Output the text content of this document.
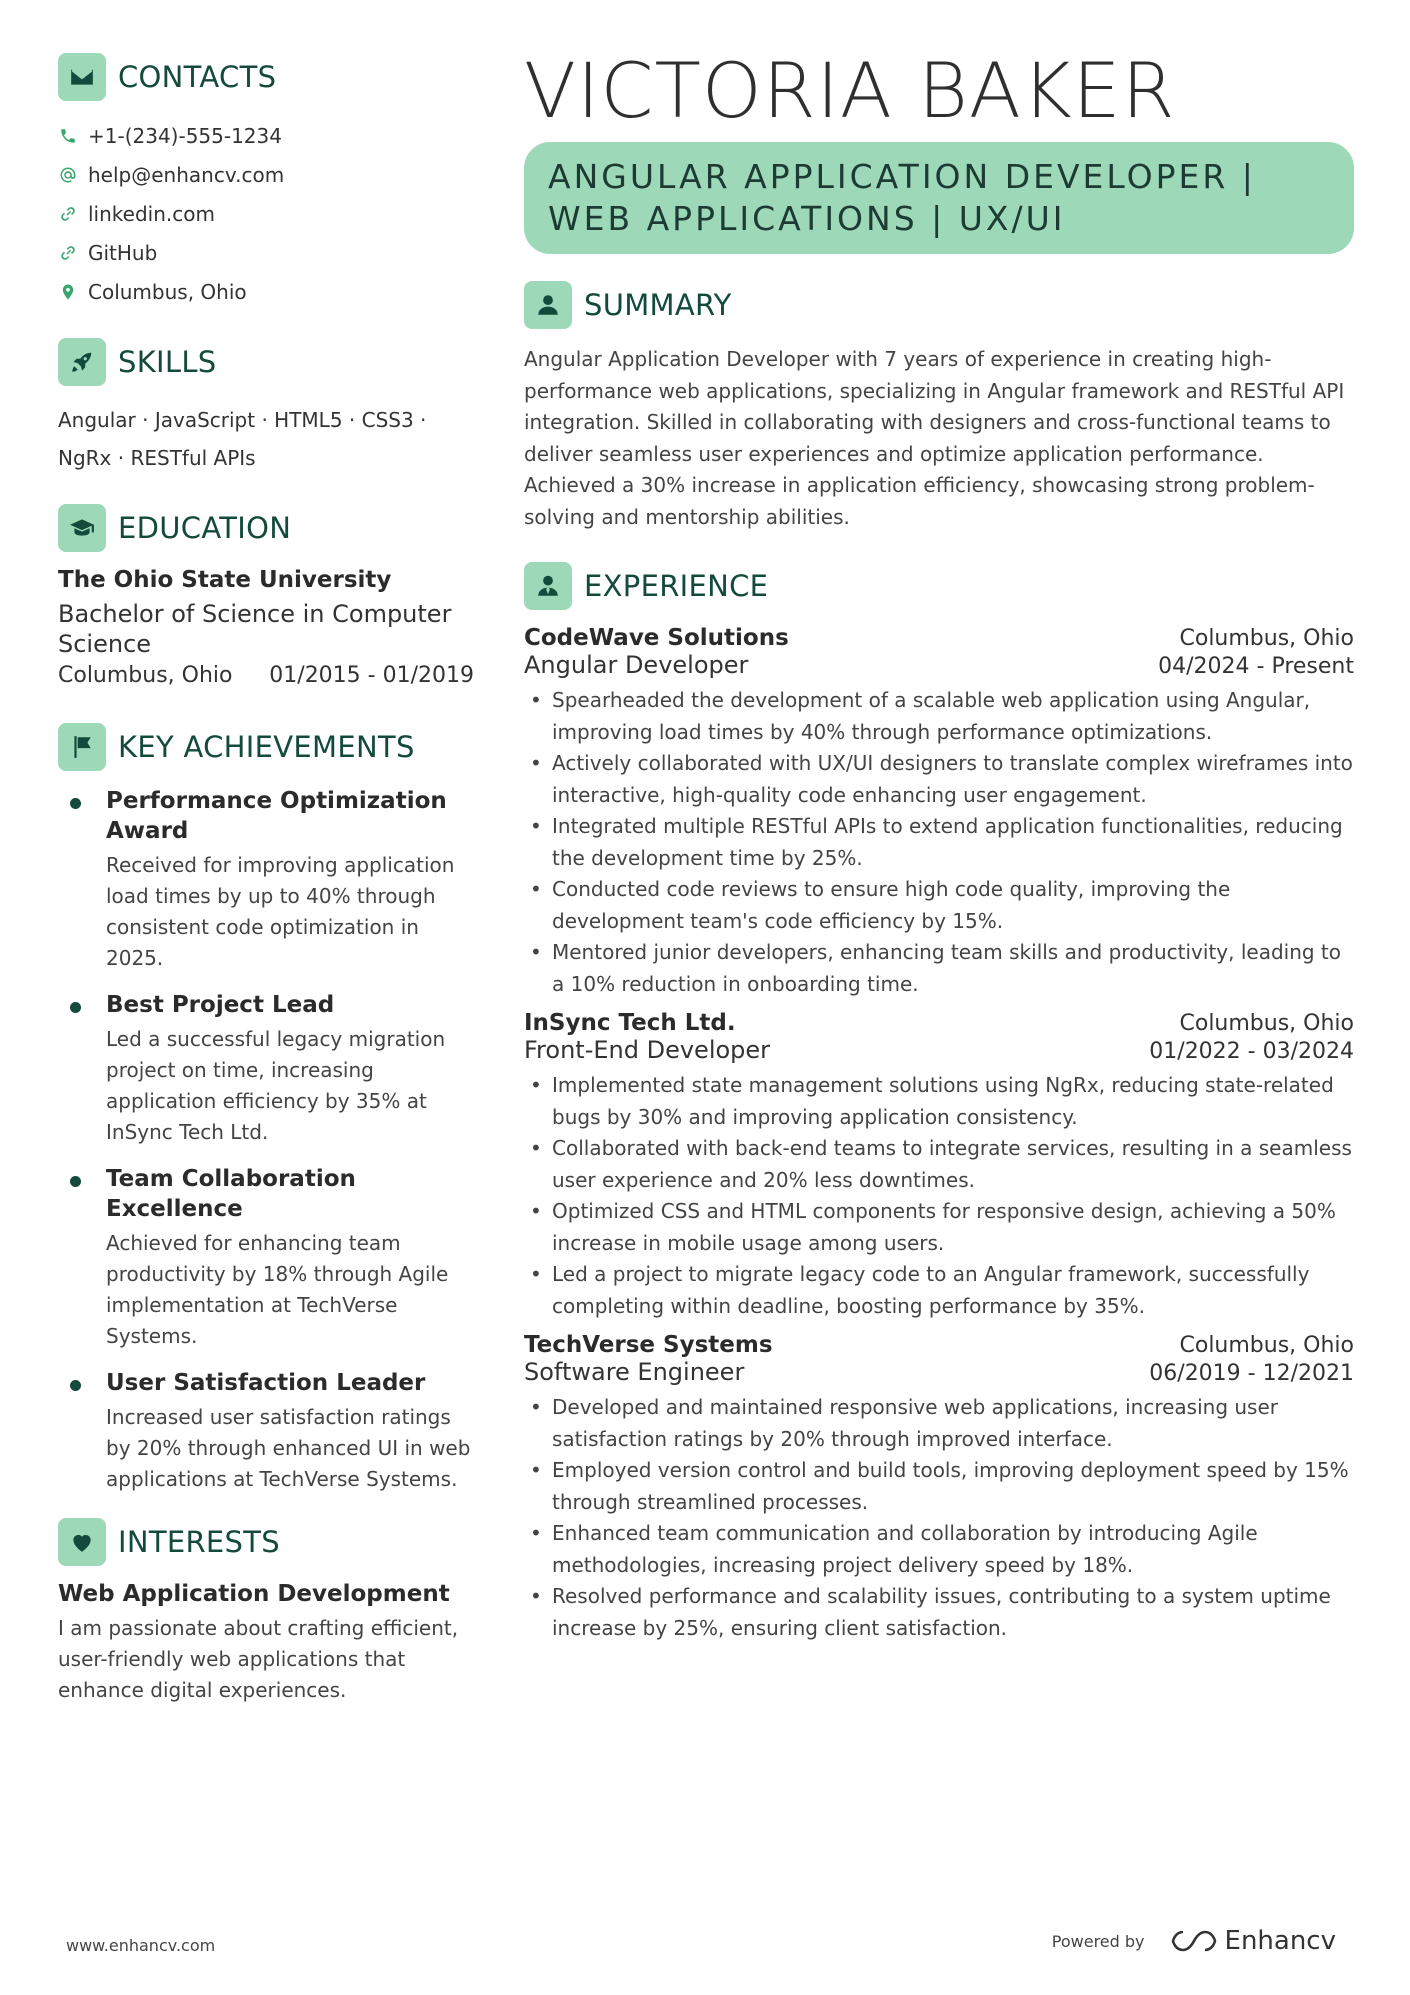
CONTACTS
+1-(234)-555-1234
help@enhancv.com
linkedin.com
GitHub
Columbus, Ohio
SKILLS
Angular · JavaScript · HTML5 · CSS3 · NgRx · RESTful APIs
EDUCATION
The Ohio State University
Bachelor of Science in Computer Science
Columbus, Ohio 01/2015 - 01/2019
KEY ACHIEVEMENTS
Performance Optimization Award
Received for improving application load times by up to 40% through consistent code optimization in 2025.
Best Project Lead
Led a successful legacy migration project on time, increasing application efficiency by 35% at InSync Tech Ltd.
Team Collaboration Excellence
Achieved for enhancing team productivity by 18% through Agile implementation at TechVerse Systems.
User Satisfaction Leader
Increased user satisfaction ratings by 20% through enhanced UI in web applications at TechVerse Systems.
INTERESTS
Web Application Development
I am passionate about crafting efficient, user-friendly web applications that enhance digital experiences.
VICTORIA BAKER
ANGULAR APPLICATION DEVELOPER | WEB APPLICATIONS | UX/UI
SUMMARY
Angular Application Developer with 7 years of experience in creating high-performance web applications, specializing in Angular framework and RESTful API integration. Skilled in collaborating with designers and cross-functional teams to deliver seamless user experiences and optimize application performance. Achieved a 30% increase in application efficiency, showcasing strong problem-solving and mentorship abilities.
EXPERIENCE
CodeWave Solutions	Columbus, Ohio
Angular Developer	04/2024 - Present
• Spearheaded the development of a scalable web application using Angular, improving load times by 40% through performance optimizations.
• Actively collaborated with UX/UI designers to translate complex wireframes into interactive, high-quality code enhancing user engagement.
• Integrated multiple RESTful APIs to extend application functionalities, reducing the development time by 25%.
• Conducted code reviews to ensure high code quality, improving the development team's code efficiency by 15%.
• Mentored junior developers, enhancing team skills and productivity, leading to a 10% reduction in onboarding time.
InSync Tech Ltd.	Columbus, Ohio
Front-End Developer	01/2022 - 03/2024
• Implemented state management solutions using NgRx, reducing state-related bugs by 30% and improving application consistency.
• Collaborated with back-end teams to integrate services, resulting in a seamless user experience and 20% less downtimes.
• Optimized CSS and HTML components for responsive design, achieving a 50% increase in mobile usage among users.
• Led a project to migrate legacy code to an Angular framework, successfully completing within deadline, boosting performance by 35%.
TechVerse Systems	Columbus, Ohio
Software Engineer	06/2019 - 12/2021
• Developed and maintained responsive web applications, increasing user satisfaction ratings by 20% through improved interface.
• Employed version control and build tools, improving deployment speed by 15% through streamlined processes.
• Enhanced team communication and collaboration by introducing Agile methodologies, increasing project delivery speed by 18%.
• Resolved performance and scalability issues, contributing to a system uptime increase by 25%, ensuring client satisfaction.
www.enhancv.com	Powered by	Enhancv
